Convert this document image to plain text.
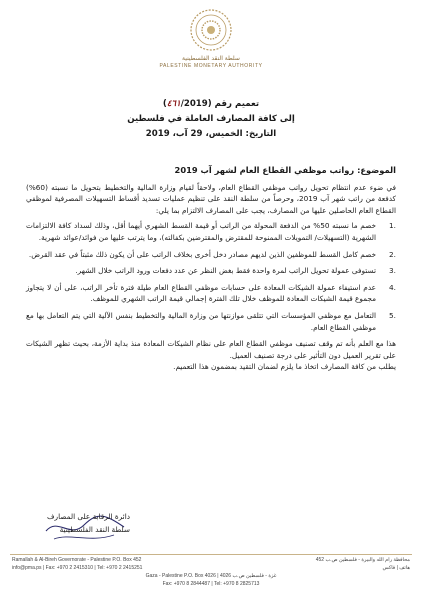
سلطة النقد الفلسطينية
PALESTINE MONETARY AUTHORITY
تعميم رقم (٤٦١/2019)
إلى كافة المصارف العاملة في فلسطين
التاريخ: الخميس، 29 آب، 2019
الموضوع: رواتب موظفي القطاع العام لشهر آب 2019

في ضوء عدم انتظام تحويل رواتب موظفي القطاع العام، ولاحقاً لقيام وزارة المالية والتخطيط بتحويل ما نسبته (60%) كدفعة من راتب شهر آب 2019، وحرصاً من سلطة النقد على تنظيم عمليات تسديد أقساط التسهيلات المصرفية لموظفي القطاع العام الحاصلين عليها من المصارف، يجب على المصارف الالتزام بما يلي:

.1
خصم ما نسبته 50% من الدفعة المحولة من الراتب أو قيمة القسط الشهري أيهما أقل، وذلك لسداد كافة الالتزامات الشهرية (التسهيلات/ التمويلات الممنوحة للمقترض والمقترضين بكفالته)، وما يترتب عليها من فوائد/عوائد شهرية.
.2
خصم كامل القسط للموظفين الذين لديهم مصادر دخل أخرى بخلاف الراتب على أن يكون ذلك مثبتاً في عقد القرض.
.3
تستوفى عمولة تحويل الراتب لمرة واحدة فقط بغض النظر عن عدد دفعات ورود الراتب خلال الشهر.
.4
عدم استيفاء عمولة الشيكات المعادة على حسابات موظفي القطاع العام طيلة فترة تأخر الراتب، على أن لا يتجاوز مجموع قيمة الشيكات المعادة للموظف خلال تلك الفترة إجمالي قيمة الراتب الشهري للموظف.
.5
التعامل مع موظفي المؤسسات التي تتلقى موازنتها من وزارة المالية والتخطيط بنفس الآلية التي يتم التعامل بها مع موظفي القطاع العام.

هذا مع العلم بأنه تم وقف تصنيف موظفي القطاع العام على نظام الشيكات المعادة منذ بداية الأزمة، بحيث تظهر الشيكات على تقرير العميل دون التأثير على درجة تصنيف العميل.

يطلب من كافة المصارف اتخاذ ما يلزم لضمان التقيد بمضمون هذا التعميم.

دائرة الرقابة على المصارف
سلطة النقد الفلسطينية
Ramallah & Al-Bireh Governorate - Palestine P.O. Box 452	محافظة رام الله والبيرة - فلسطين ص.ب 452
info@pma.ps | Fax: +970 2 2415310 | Tel: +970 2 2415251	هاتف | فاكس
Gaza - Palestine P.O. Box 4026 | غزة - فلسطين ص.ب 4026
Fax: +970 8 2844487 | Tel: +970 8 2825713
